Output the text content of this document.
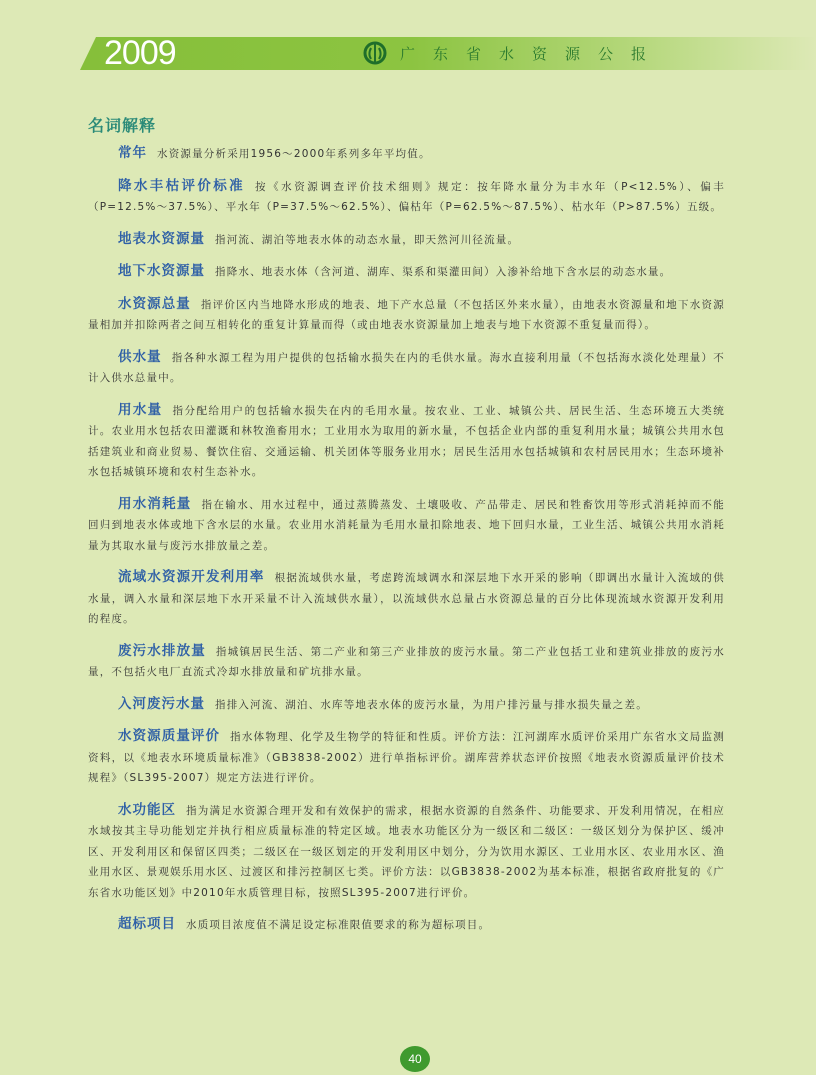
2009	广东省水资源公报
名词解释

常年 水资源量分析采用1956～2000年系列多年平均值。

降水丰枯评价标准 按《水资源调查评价技术细则》规定：按年降水量分为丰水年（P<12.5%）、偏丰（P=12.5%～37.5%）、平水年（P=37.5%～62.5%）、偏枯年（P=62.5%～87.5%）、枯水年（P>87.5%）五级。

地表水资源量 指河流、湖泊等地表水体的动态水量，即天然河川径流量。

地下水资源量 指降水、地表水体（含河道、湖库、渠系和渠灌田间）入渗补给地下含水层的动态水量。

水资源总量 指评价区内当地降水形成的地表、地下产水总量（不包括区外来水量），由地表水资源量和地下水资源量相加并扣除两者之间互相转化的重复计算量而得（或由地表水资源量加上地表与地下水资源不重复量而得）。

供水量 指各种水源工程为用户提供的包括输水损失在内的毛供水量。海水直接利用量（不包括海水淡化处理量）不计入供水总量中。

用水量 指分配给用户的包括输水损失在内的毛用水量。按农业、工业、城镇公共、居民生活、生态环境五大类统计。农业用水包括农田灌溉和林牧渔畜用水；工业用水为取用的新水量，不包括企业内部的重复利用水量；城镇公共用水包括建筑业和商业贸易、餐饮住宿、交通运输、机关团体等服务业用水；居民生活用水包括城镇和农村居民用水；生态环境补水包括城镇环境和农村生态补水。

用水消耗量 指在输水、用水过程中，通过蒸腾蒸发、土壤吸收、产品带走、居民和牲畜饮用等形式消耗掉而不能回归到地表水体或地下含水层的水量。农业用水消耗量为毛用水量扣除地表、地下回归水量，工业生活、城镇公共用水消耗量为其取水量与废污水排放量之差。

流域水资源开发利用率 根据流域供水量，考虑跨流域调水和深层地下水开采的影响（即调出水量计入流域的供水量，调入水量和深层地下水开采量不计入流域供水量），以流域供水总量占水资源总量的百分比体现流域水资源开发利用的程度。

废污水排放量 指城镇居民生活、第二产业和第三产业排放的废污水量。第二产业包括工业和建筑业排放的废污水量，不包括火电厂直流式冷却水排放量和矿坑排水量。

入河废污水量 指排入河流、湖泊、水库等地表水体的废污水量，为用户排污量与排水损失量之差。

水资源质量评价 指水体物理、化学及生物学的特征和性质。评价方法：江河湖库水质评价采用广东省水文局监测资料，以《地表水环境质量标准》（GB3838-2002）进行单指标评价。湖库营养状态评价按照《地表水资源质量评价技术规程》（SL395-2007）规定方法进行评价。

水功能区 指为满足水资源合理开发和有效保护的需求，根据水资源的自然条件、功能要求、开发利用情况，在相应水域按其主导功能划定并执行相应质量标准的特定区域。地表水功能区分为一级区和二级区：一级区划分为保护区、缓冲区、开发利用区和保留区四类；二级区在一级区划定的开发利用区中划分，分为饮用水源区、工业用水区、农业用水区、渔业用水区、景观娱乐用水区、过渡区和排污控制区七类。评价方法：以GB3838-2002为基本标准，根据省政府批复的《广东省水功能区划》中2010年水质管理目标，按照SL395-2007进行评价。

超标项目 水质项目浓度值不满足设定标准限值要求的称为超标项目。

40
